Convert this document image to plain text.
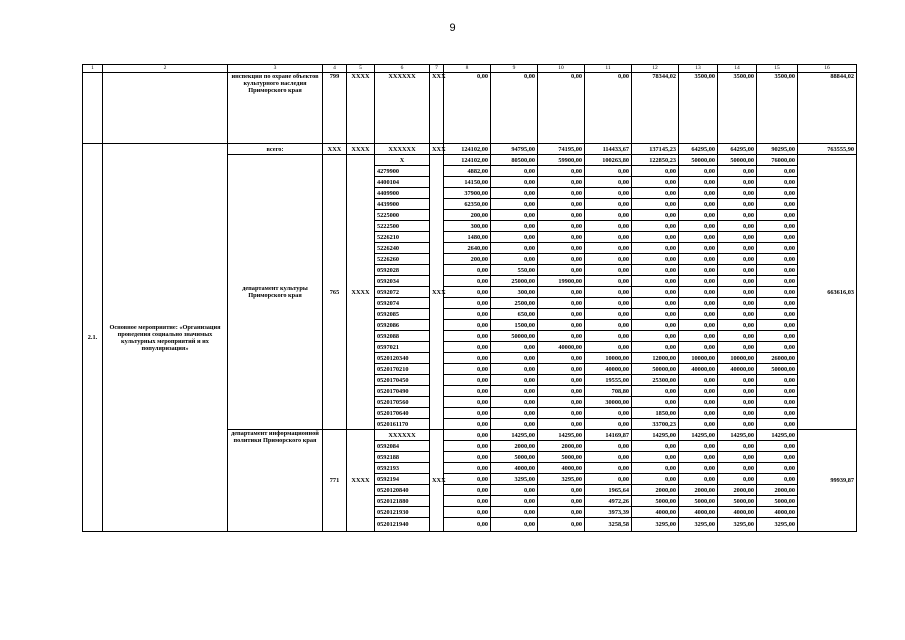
9
1	2	3	4	5	6	7	8	9	10	11	12	13	14	15	16
		инспекция по охране объектов культурного наследия Приморского края	799	XXXX	XXXXXX	XXX	0,00	0,00	0,00	0,00	78344,02	3500,00	3500,00	3500,00	88844,02
2.1.	Основное мероприятие: «Организация проведения социально значимых культурных мероприятий и их популяризация»	всего:	XXX	XXXX	XXXXXX	XXX	124102,00	94795,00	74195,00	114433,67	137145,23	64295,00	64295,00	90295,00	763555,90
		департамент культуры Приморского края	765	XXXX	X	XXX	124102,00	80500,00	59900,00	100263,80	122850,23	50000,00	50000,00	76000,00	663616,03
					4279900		4882,00	0,00	0,00	0,00	0,00	0,00	0,00	0,00	
					4400104		14150,00	0,00	0,00	0,00	0,00	0,00	0,00	0,00	
					4409900		37900,00	0,00	0,00	0,00	0,00	0,00	0,00	0,00	
					4439900		62350,00	0,00	0,00	0,00	0,00	0,00	0,00	0,00	
					5225000		200,00	0,00	0,00	0,00	0,00	0,00	0,00	0,00	
					5222500		300,00	0,00	0,00	0,00	0,00	0,00	0,00	0,00	
					5226210		1480,00	0,00	0,00	0,00	0,00	0,00	0,00	0,00	
					5226240		2640,00	0,00	0,00	0,00	0,00	0,00	0,00	0,00	
					5226260		200,00	0,00	0,00	0,00	0,00	0,00	0,00	0,00	
					0592028		0,00	550,00	0,00	0,00	0,00	0,00	0,00	0,00	
					0592034		0,00	25000,00	19900,00	0,00	0,00	0,00	0,00	0,00	
					0592072		0,00	300,00	0,00	0,00	0,00	0,00	0,00	0,00	
					0592074		0,00	2500,00	0,00	0,00	0,00	0,00	0,00	0,00	
					0592085		0,00	650,00	0,00	0,00	0,00	0,00	0,00	0,00	
					0592086		0,00	1500,00	0,00	0,00	0,00	0,00	0,00	0,00	
					0592088		0,00	50000,00	0,00	0,00	0,00	0,00	0,00	0,00	
					0597021		0,00	0,00	40000,00	0,00	0,00	0,00	0,00	0,00	
					0520120340		0,00	0,00	0,00	10000,00	12000,00	10000,00	10000,00	26000,00	
					0520170210		0,00	0,00	0,00	40000,00	50000,00	40000,00	40000,00	50000,00	
					0520170450		0,00	0,00	0,00	19555,00	25300,00	0,00	0,00	0,00	
					0520170490		0,00	0,00	0,00	708,80	0,00	0,00	0,00	0,00	
					0520170560		0,00	0,00	0,00	30000,00	0,00	0,00	0,00	0,00	
					0520170640		0,00	0,00	0,00	0,00	1850,00	0,00	0,00	0,00	
					0520161170		0,00	0,00	0,00	0,00	33700,23	0,00	0,00	0,00	
		департамент информационной политики Приморского края	771	XXXX	XXXXXX	XXX	0,00	14295,00	14295,00	14169,87	14295,00	14295,00	14295,00	14295,00	99939,87
					0592084		0,00	2000,00	2000,00	0,00	0,00	0,00	0,00	0,00	
					0592188		0,00	5000,00	5000,00	0,00	0,00	0,00	0,00	0,00	
					0592193		0,00	4000,00	4000,00	0,00	0,00	0,00	0,00	0,00	
					0592194		0,00	3295,00	3295,00	0,00	0,00	0,00	0,00	0,00	
					0520120840		0,00	0,00	0,00	1965,64	2000,00	2000,00	2000,00	2000,00	
					0520121880		0,00	0,00	0,00	4972,26	5000,00	5000,00	5000,00	5000,00	
					0520121930		0,00	0,00	0,00	3973,39	4000,00	4000,00	4000,00	4000,00	
					0520121940		0,00	0,00	0,00	3258,58	3295,00	3295,00	3295,00	3295,00	
